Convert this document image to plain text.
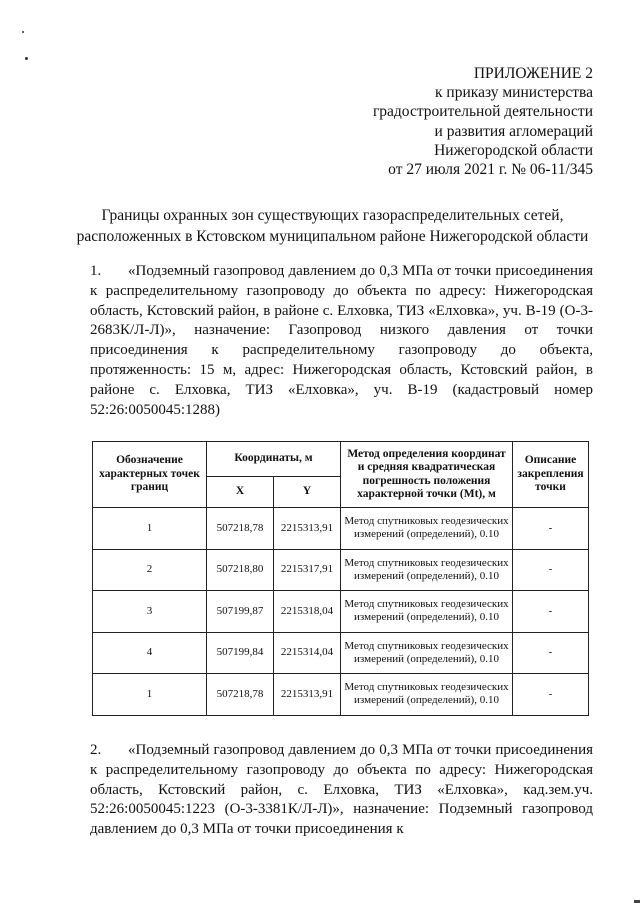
ПРИЛОЖЕНИЕ 2
к приказу министерства
градостроительной деятельности
и развития агломераций
Нижегородской области
от 27 июля 2021 г. № 06-11/345
Границы охранных зон существующих газораспределительных сетей,
расположенных в Кстовском муниципальном районе Нижегородской области

1. «Подземный газопровод давлением до 0,3 МПа от точки присоединения к распределительному газопроводу до объекта по адресу: Нижегородская область, Кстовский район, в районе с. Елховка, ТИЗ «Елховка», уч. В-19 (О-3-2683К/Л-Л)», назначение: Газопровод низкого давления от точки присоединения к распределительному газопроводу до объекта, протяженность: 15 м, адрес: Нижегородская область, Кстовский район, в районе с. Елховка, ТИЗ «Елховка», уч. В-19 (кадастровый номер 52:26:0050045:1288)

Обозначение характерных точек границ	Координаты, м		Метод определения координат и средняя квадратическая погрешность положения характерной точки (Mt), м	Описание закрепления точки
	X	Y		
1	507218,78	2215313,91	Метод спутниковых геодезических измерений (определений), 0.10	-
2	507218,80	2215317,91	Метод спутниковых геодезических измерений (определений), 0.10	-
3	507199,87	2215318,04	Метод спутниковых геодезических измерений (определений), 0.10	-
4	507199,84	2215314,04	Метод спутниковых геодезических измерений (определений), 0.10	-
1	507218,78	2215313,91	Метод спутниковых геодезических измерений (определений), 0.10	-

2. «Подземный газопровод давлением до 0,3 МПа от точки присоединения к распределительному газопроводу до объекта по адресу: Нижегородская область, Кстовский район, с. Елховка, ТИЗ «Елховка», кад.зем.уч. 52:26:0050045:1223 (О-3-3381К/Л-Л)», назначение: Подземный газопровод давлением до 0,3 МПа от точки присоединения к
